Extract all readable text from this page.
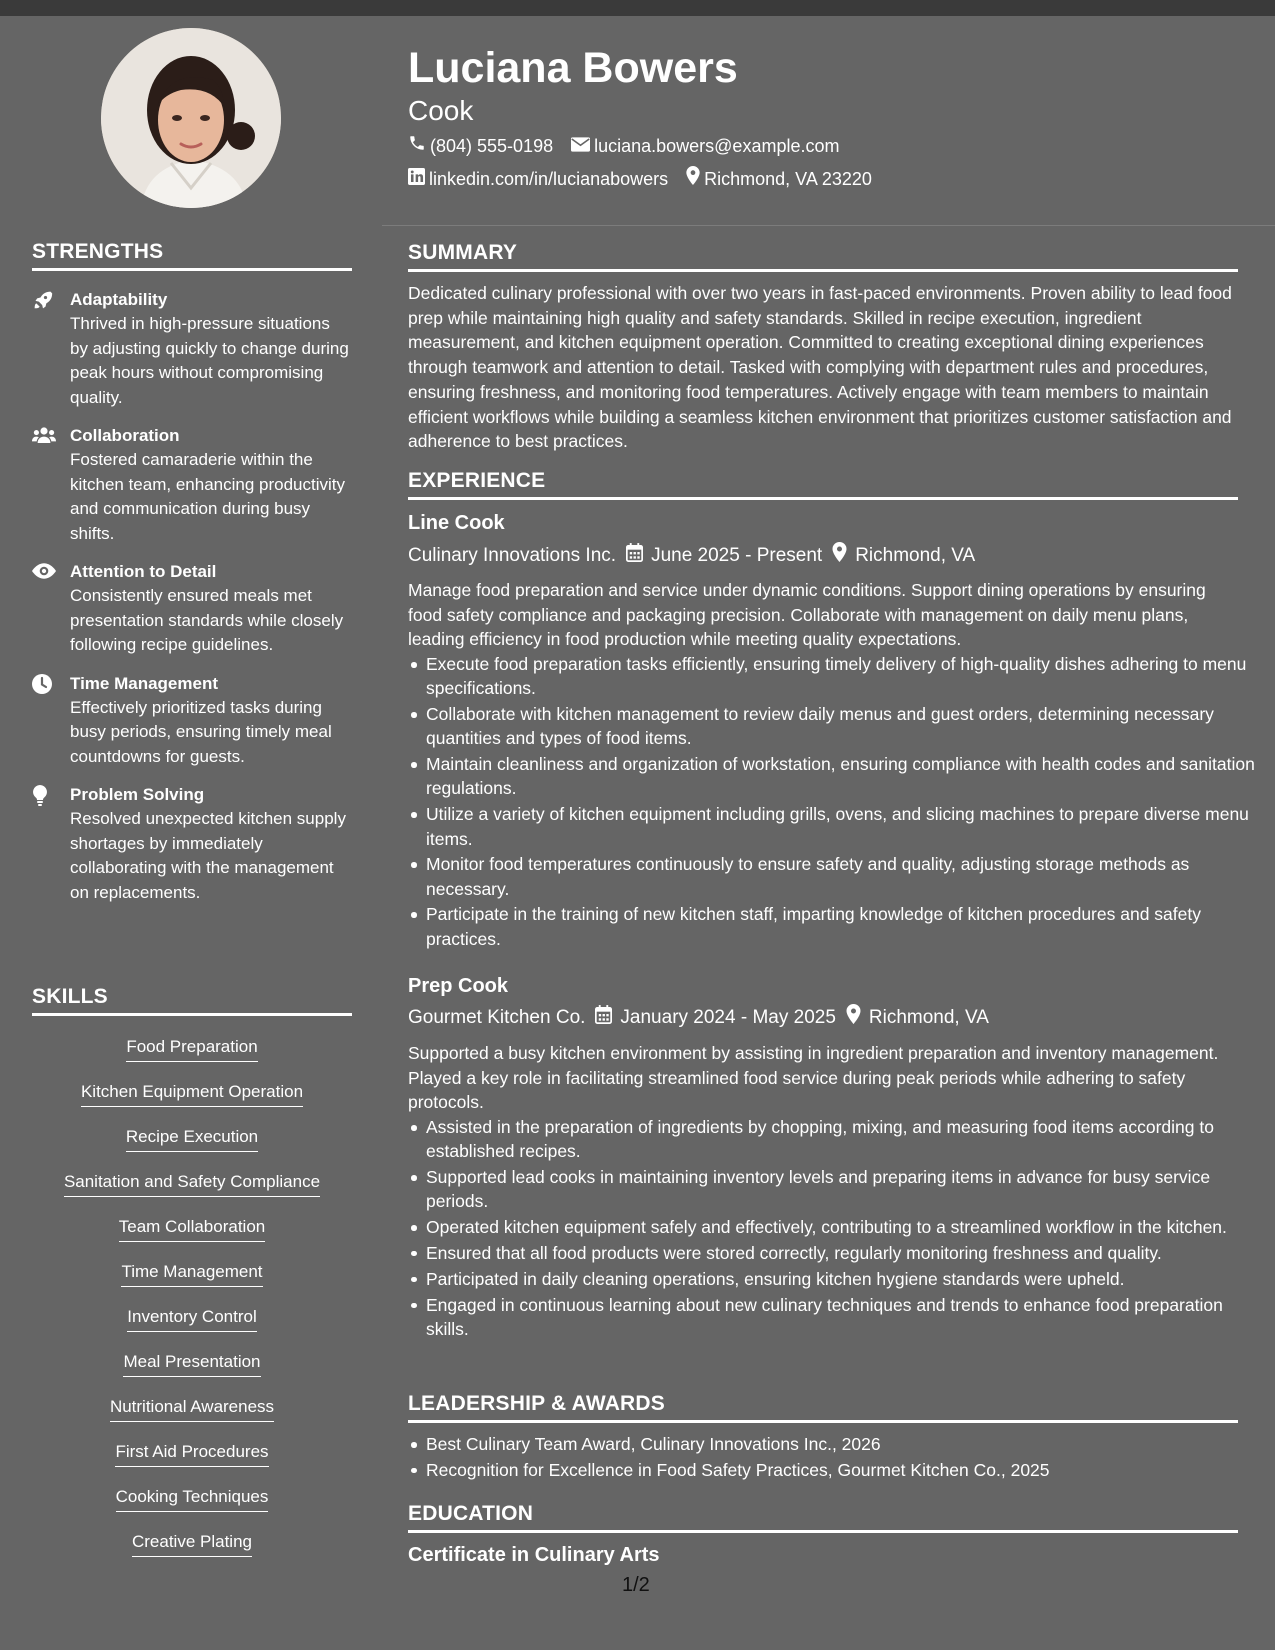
STRENGTHS
Adaptability
Thrived in high-pressure situations by adjusting quickly to change during peak hours without compromising quality.
Collaboration
Fostered camaraderie within the kitchen team, enhancing productivity and communication during busy shifts.
Attention to Detail
Consistently ensured meals met presentation standards while closely following recipe guidelines.
Time Management
Effectively prioritized tasks during busy periods, ensuring timely meal countdowns for guests.
Problem Solving
Resolved unexpected kitchen supply shortages by immediately collaborating with the management on replacements.
SKILLS
Food Preparation
Kitchen Equipment Operation
Recipe Execution
Sanitation and Safety Compliance
Team Collaboration
Time Management
Inventory Control
Meal Presentation
Nutritional Awareness
First Aid Procedures
Cooking Techniques
Creative Plating
Luciana Bowers
Cook
(804) 555-0198 luciana.bowers@example.com
linkedin.com/in/lucianabowers Richmond, VA 23220
SUMMARY
Dedicated culinary professional with over two years in fast-paced environments. Proven ability to lead food prep while maintaining high quality and safety standards. Skilled in recipe execution, ingredient measurement, and kitchen equipment operation. Committed to creating exceptional dining experiences through teamwork and attention to detail. Tasked with complying with department rules and procedures, ensuring freshness, and monitoring food temperatures. Actively engage with team members to maintain efficient workflows while building a seamless kitchen environment that prioritizes customer satisfaction and adherence to best practices.
EXPERIENCE
Line Cook
Culinary Innovations Inc. June 2025 - Present Richmond, VA
Manage food preparation and service under dynamic conditions. Support dining operations by ensuring food safety compliance and packaging precision. Collaborate with management on daily menu plans, leading efficiency in food production while meeting quality expectations.
Execute food preparation tasks efficiently, ensuring timely delivery of high-quality dishes adhering to menu specifications.
Collaborate with kitchen management to review daily menus and guest orders, determining necessary quantities and types of food items.
Maintain cleanliness and organization of workstation, ensuring compliance with health codes and sanitation regulations.
Utilize a variety of kitchen equipment including grills, ovens, and slicing machines to prepare diverse menu items.
Monitor food temperatures continuously to ensure safety and quality, adjusting storage methods as necessary.
Participate in the training of new kitchen staff, imparting knowledge of kitchen procedures and safety practices.
Prep Cook
Gourmet Kitchen Co. January 2024 - May 2025 Richmond, VA
Supported a busy kitchen environment by assisting in ingredient preparation and inventory management. Played a key role in facilitating streamlined food service during peak periods while adhering to safety protocols.
Assisted in the preparation of ingredients by chopping, mixing, and measuring food items according to established recipes.
Supported lead cooks in maintaining inventory levels and preparing items in advance for busy service periods.
Operated kitchen equipment safely and effectively, contributing to a streamlined workflow in the kitchen.
Ensured that all food products were stored correctly, regularly monitoring freshness and quality.
Participated in daily cleaning operations, ensuring kitchen hygiene standards were upheld.
Engaged in continuous learning about new culinary techniques and trends to enhance food preparation skills.
LEADERSHIP & AWARDS
Best Culinary Team Award, Culinary Innovations Inc., 2026
Recognition for Excellence in Food Safety Practices, Gourmet Kitchen Co., 2025
EDUCATION
Certificate in Culinary Arts
1/2
